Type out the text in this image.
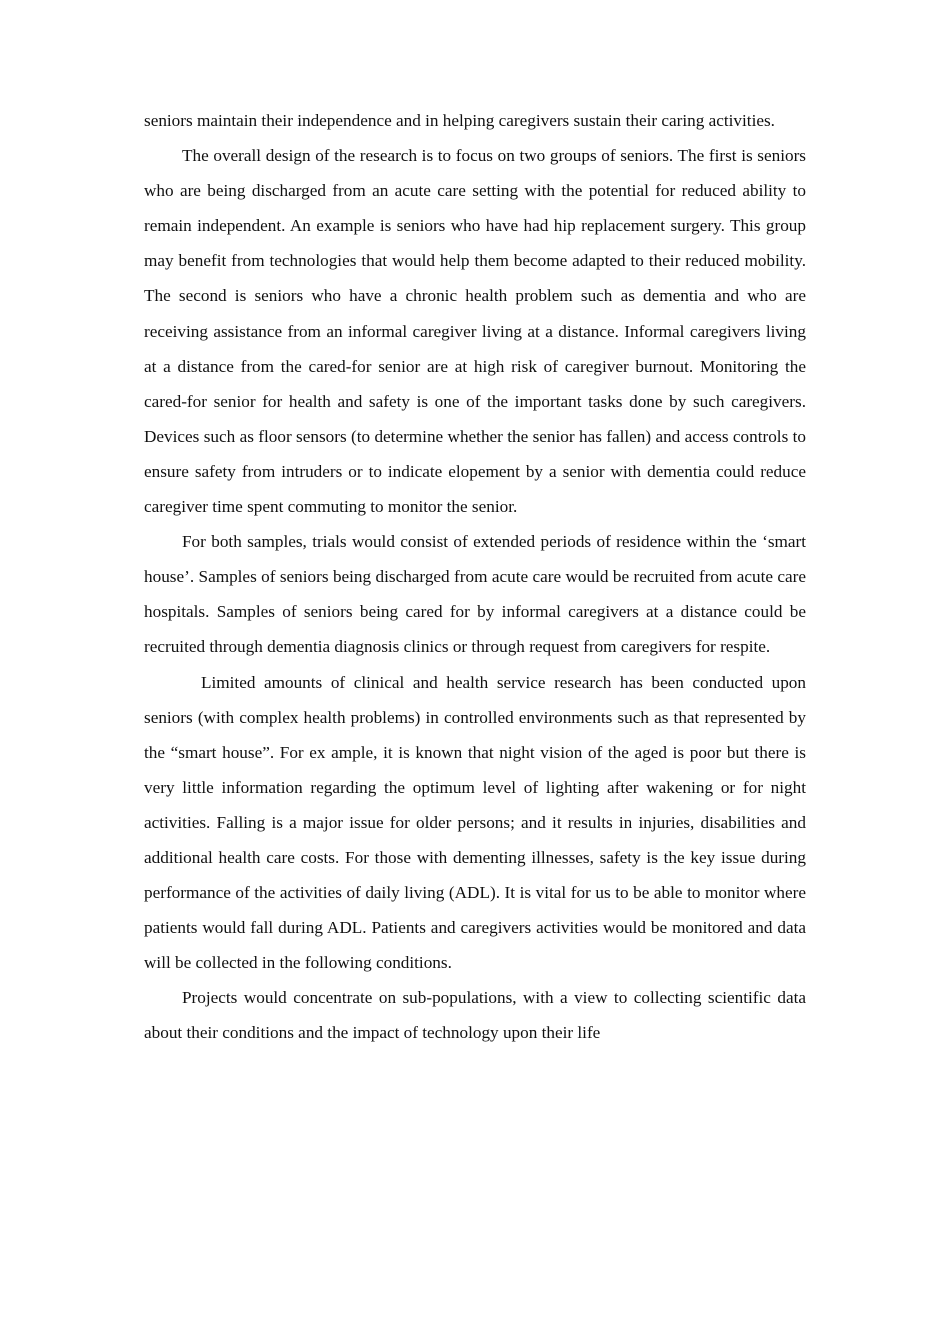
seniors maintain their independence and in helping caregivers sustain their caring activities.

The overall design of the research is to focus on two groups of seniors. The first is seniors who are being discharged from an acute care setting with the potential for reduced ability to remain independent. An example is seniors who have had hip replacement surgery. This group may benefit from technologies that would help them become adapted to their reduced mobility. The second is seniors who have a chronic health problem such as dementia and who are receiving assistance from an informal caregiver living at a distance. Informal caregivers living at a distance from the cared-for senior are at high risk of caregiver burnout. Monitoring the cared-for senior for health and safety is one of the important tasks done by such caregivers. Devices such as floor sensors (to determine whether the senior has fallen) and access controls to ensure safety from intruders or to indicate elopement by a senior with dementia could reduce caregiver time spent commuting to monitor the senior.

For both samples, trials would consist of extended periods of residence within the ‘smart house’. Samples of seniors being discharged from acute care would be recruited from acute care hospitals. Samples of seniors being cared for by informal caregivers at a distance could be recruited through dementia diagnosis clinics or through request from caregivers for respite.

Limited amounts of clinical and health service research has been conducted upon seniors (with complex health problems) in controlled environments such as that represented by the “smart house”. For ex ample, it is known that night vision of the aged is poor but there is very little information regarding the optimum level of lighting after wakening or for night activities. Falling is a major issue for older persons; and it results in injuries, disabilities and additional health care costs. For those with dementing illnesses, safety is the key issue during performance of the activities of daily living (ADL). It is vital for us to be able to monitor where patients would fall during ADL. Patients and caregivers activities would be monitored and data will be collected in the following conditions.

Projects would concentrate on sub-populations, with a view to collecting scientific data about their conditions and the impact of technology upon their life
